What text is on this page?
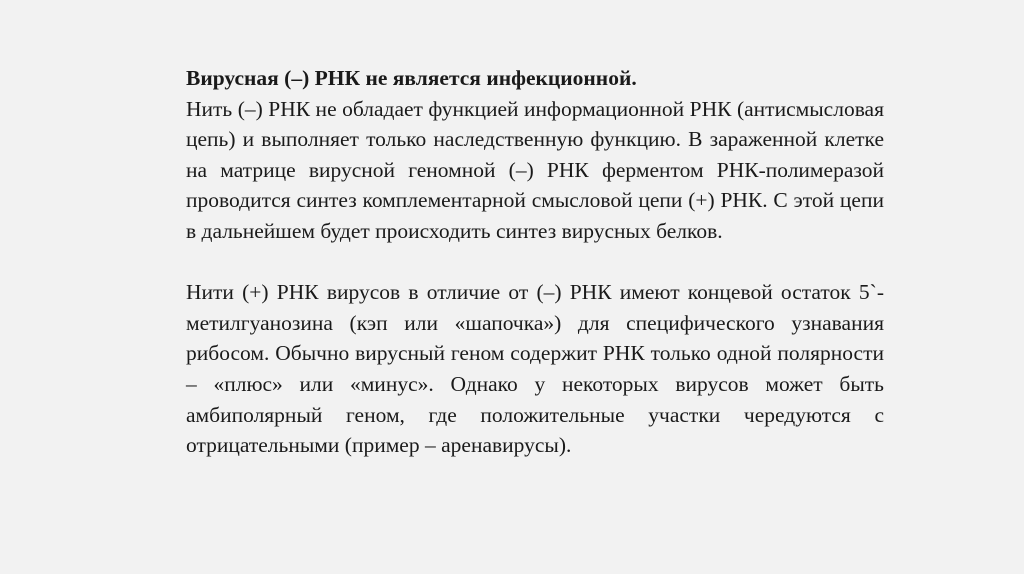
Вирусная (–) РНК не является инфекционной.

Нить (–) РНК не обладает функцией информационной РНК (антисмысловая цепь) и выполняет только наследственную функцию. В зараженной клетке на матрице вирусной геномной (–) РНК ферментом РНК-полимеразой проводится синтез комплементарной смысловой цепи (+) РНК. С этой цепи в дальнейшем будет происходить синтез вирусных белков.

Нити (+) РНК вирусов в отличие от (–) РНК имеют концевой остаток 5`-метилгуанозина (кэп или «шапочка») для специфического узнавания рибосом. Обычно вирусный геном содержит РНК только одной полярности – «плюс» или «минус». Однако у некоторых вирусов может быть амбиполярный геном, где положительные участки чередуются с отрицательными (пример – аренавирусы).
